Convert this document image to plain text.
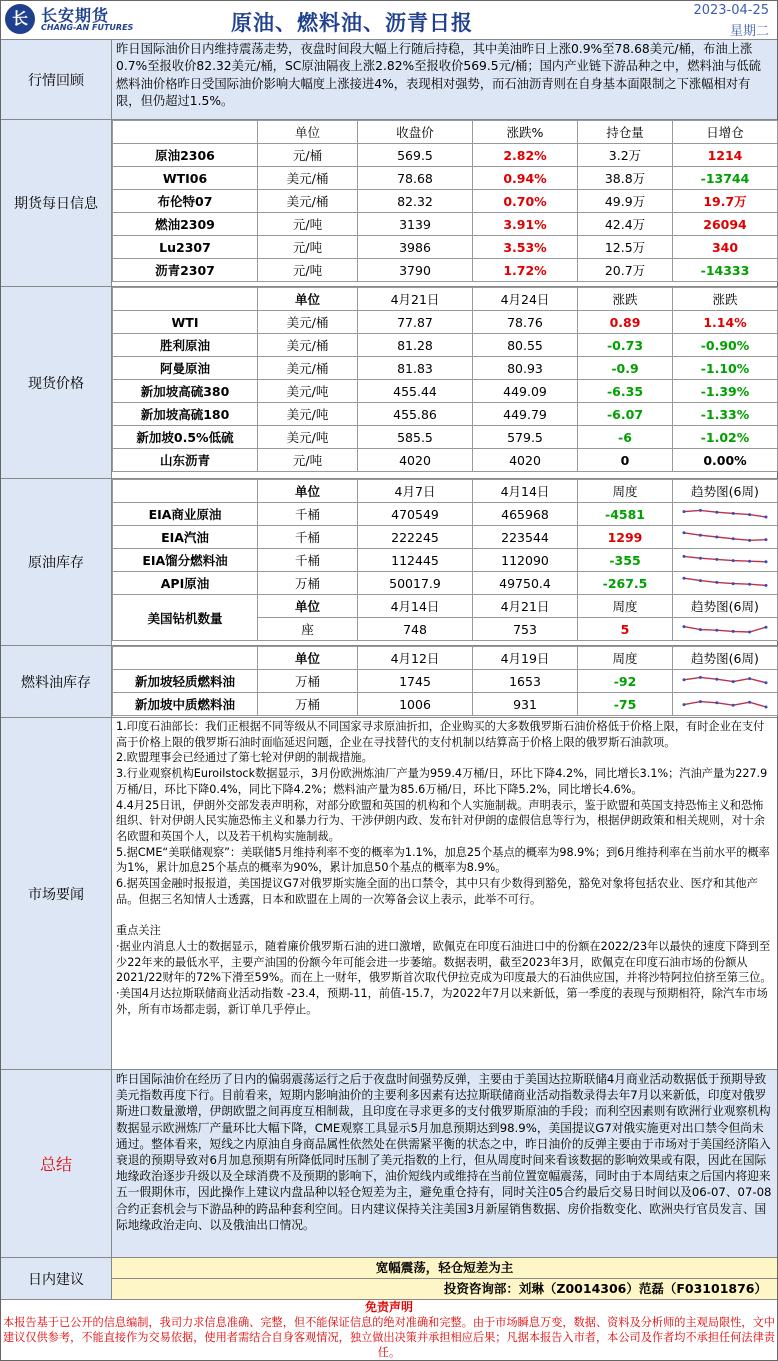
长 长安期货
CHANG-AN FUTURES	原油、燃料油、沥青日报
2023-04-25
星期二
行情回顾
昨日国际油价日内维持震荡走势，夜盘时间段大幅上行随后持稳，其中美油昨日上涨0.9%至78.68美元/桶，布油上涨0.7%至报收价82.32美元/桶，SC原油隔夜上涨2.82%至报收价569.5元/桶；国内产业链下游品种之中，燃料油与低硫燃料油价格昨日受国际油价影响大幅度上涨接进4%，表现相对强势，而石油沥青则在自身基本面限制之下涨幅相对有限，但仍超过1.5%。
期货每日信息
	单位	收盘价	涨跌%	持仓量	日增仓
原油2306	元/桶	569.5	2.82%	3.2万	1214
WTI06	美元/桶	78.68	0.94%	38.8万	-13744
布伦特07	美元/桶	82.32	0.70%	49.9万	19.7万
燃油2309	元/吨	3139	3.91%	42.4万	26094
Lu2307	元/吨	3986	3.53%	12.5万	340
沥青2307	元/吨	3790	1.72%	20.7万	-14333
现货价格
	单位	4月21日	4月24日	涨跌	涨跌
WTI	美元/桶	77.87	78.76	0.89	1.14%
胜利原油	美元/桶	81.28	80.55	-0.73	-0.90%
阿曼原油	美元/桶	81.83	80.93	-0.9	-1.10%
新加坡高硫380	美元/吨	455.44	449.09	-6.35	-1.39%
新加坡高硫180	美元/吨	455.86	449.79	-6.07	-1.33%
新加坡0.5%低硫	美元/吨	585.5	579.5	-6	-1.02%
山东沥青	元/吨	4020	4020	0	0.00%
原油库存
	单位	4月7日	4月14日	周度	趋势图(6周)
EIA商业原油	千桶	470549	465968	-4581	

EIA汽油	千桶	222245	223544	1299	

EIA馏分燃料油	千桶	112445	112090	-355	

API原油	万桶	50017.9	49750.4	-267.5	

美国钻机数量	单位	4月14日	4月21日	周度	趋势图(6周)
	座	748	753	5	
燃料油库存
	单位	4月12日	4月19日	周度	趋势图(6周)
新加坡轻质燃料油	万桶	1745	1653	-92	

新加坡中质燃料油	万桶	1006	931	-75	
市场要闻

1.印度石油部长：我们正根据不同等级从不同国家寻求原油折扣，企业购买的大多数俄罗斯石油价格低于价格上限，有时企业在支付高于价格上限的俄罗斯石油时面临延迟问题，企业在寻找替代的支付机制以结算高于价格上限的俄罗斯石油款项。

2.欧盟理事会已经通过了第七轮对伊朗的制裁措施。

3.行业观察机构Euroilstock数据显示，3月份欧洲炼油厂产量为959.4万桶/日，环比下降4.2%，同比增长3.1%；汽油产量为227.9万桶/日，环比下降0.4%，同比下降4.2%；燃料油产量为85.6万桶/日，环比下降5.2%，同比增长4.6%。

4.4月25日讯，伊朗外交部发表声明称，对部分欧盟和英国的机构和个人实施制裁。声明表示，鉴于欧盟和英国支持恐怖主义和恐怖组织、针对伊朗人民实施恐怖主义和暴力行为、干涉伊朗内政、发布针对伊朗的虚假信息等行为，根据伊朗政策和相关规则，对十余名欧盟和英国个人，以及若干机构实施制裁。

5.据CME“美联储观察”：美联储5月维持利率不变的概率为1.1%，加息25个基点的概率为98.9%；到6月维持利率在当前水平的概率为1%，累计加息25个基点的概率为90%，累计加息50个基点的概率为8.9%。

6.据英国金融时报报道，美国提议G7对俄罗斯实施全面的出口禁令，其中只有少数得到豁免，豁免对象将包括农业、医疗和其他产品。但据三名知情人士透露，日本和欧盟在上周的一次筹备会议上表示，此举不可行。

重点关注

·据业内消息人士的数据显示，随着廉价俄罗斯石油的进口激增，欧佩克在印度石油进口中的份额在2022/23年以最快的速度下降到至少22年来的最低水平，主要产油国的份额今年可能会进一步萎缩。数据表明，截至2023年3月，欧佩克在印度石油市场的份额从2021/22财年的72%下滑至59%。而在上一财年，俄罗斯首次取代伊拉克成为印度最大的石油供应国，并将沙特阿拉伯挤至第三位。

·美国4月达拉斯联储商业活动指数 -23.4，预期-11，前值-15.7，为2022年7月以来新低，第一季度的表现与预期相符，除汽车市场外，所有市场都走弱，新订单几乎停止。

总结
昨日国际油价在经历了日内的偏弱震荡运行之后于夜盘时间强势反弹，主要由于美国达拉斯联储4月商业活动数据低于预期导致美元指数再度下行。目前看来，短期内影响油价的主要利多因素有达拉斯联储商业活动指数录得去年7月以来新低，印度对俄罗斯进口数量激增，伊朗欧盟之间再度互相制裁，且印度在寻求更多的支付俄罗斯原油的手段；而利空因素则有欧洲行业观察机构数据显示欧洲炼厂产量环比大幅下降，CME观察工具显示5月加息预期达到98.9%，美国提议G7对俄实施更对出口禁令但尚未通过。整体看来，短线之内原油自身商品属性依然处在供需紧平衡的状态之中，昨日油价的反弹主要由于市场对于美国经济陷入衰退的预期导致对6月加息预期有所降低同时压制了美元指数的上行，但从周度时间来看该数据的影响效果或有限，因此在国际地缘政治逐步升级以及全球消费不及预期的影响下，油价短线内或维持在当前位置宽幅震荡，同时由于本周结束之后国内将迎来五一假期休市，因此操作上建议内盘品种以轻仓短差为主，避免重仓持有，同时关注05合约最后交易日时间以及06-07、07-08合约正套机会与下游品种的跨品种套利空间。日内建议保持关注美国3月新屋销售数据、房价指数变化、欧洲央行官员发言、国际地缘政治走向、以及俄油出口情况。
日内建议
宽幅震荡，轻仓短差为主
投资咨询部：刘琳（Z0014306）范磊（F03101876）
免责声明
本报告基于已公开的信息编制，我司力求信息准确、完整，但不能保证信息的绝对准确和完整。由于市场瞬息万变，数据、资料及分析师的主观局限性，文中建议仅供参考，不能直接作为交易依据，使用者需结合自身客观情况，独立做出决策并承担相应后果；凡据本报告入市者，本公司及作者均不承担任何法律责任。
